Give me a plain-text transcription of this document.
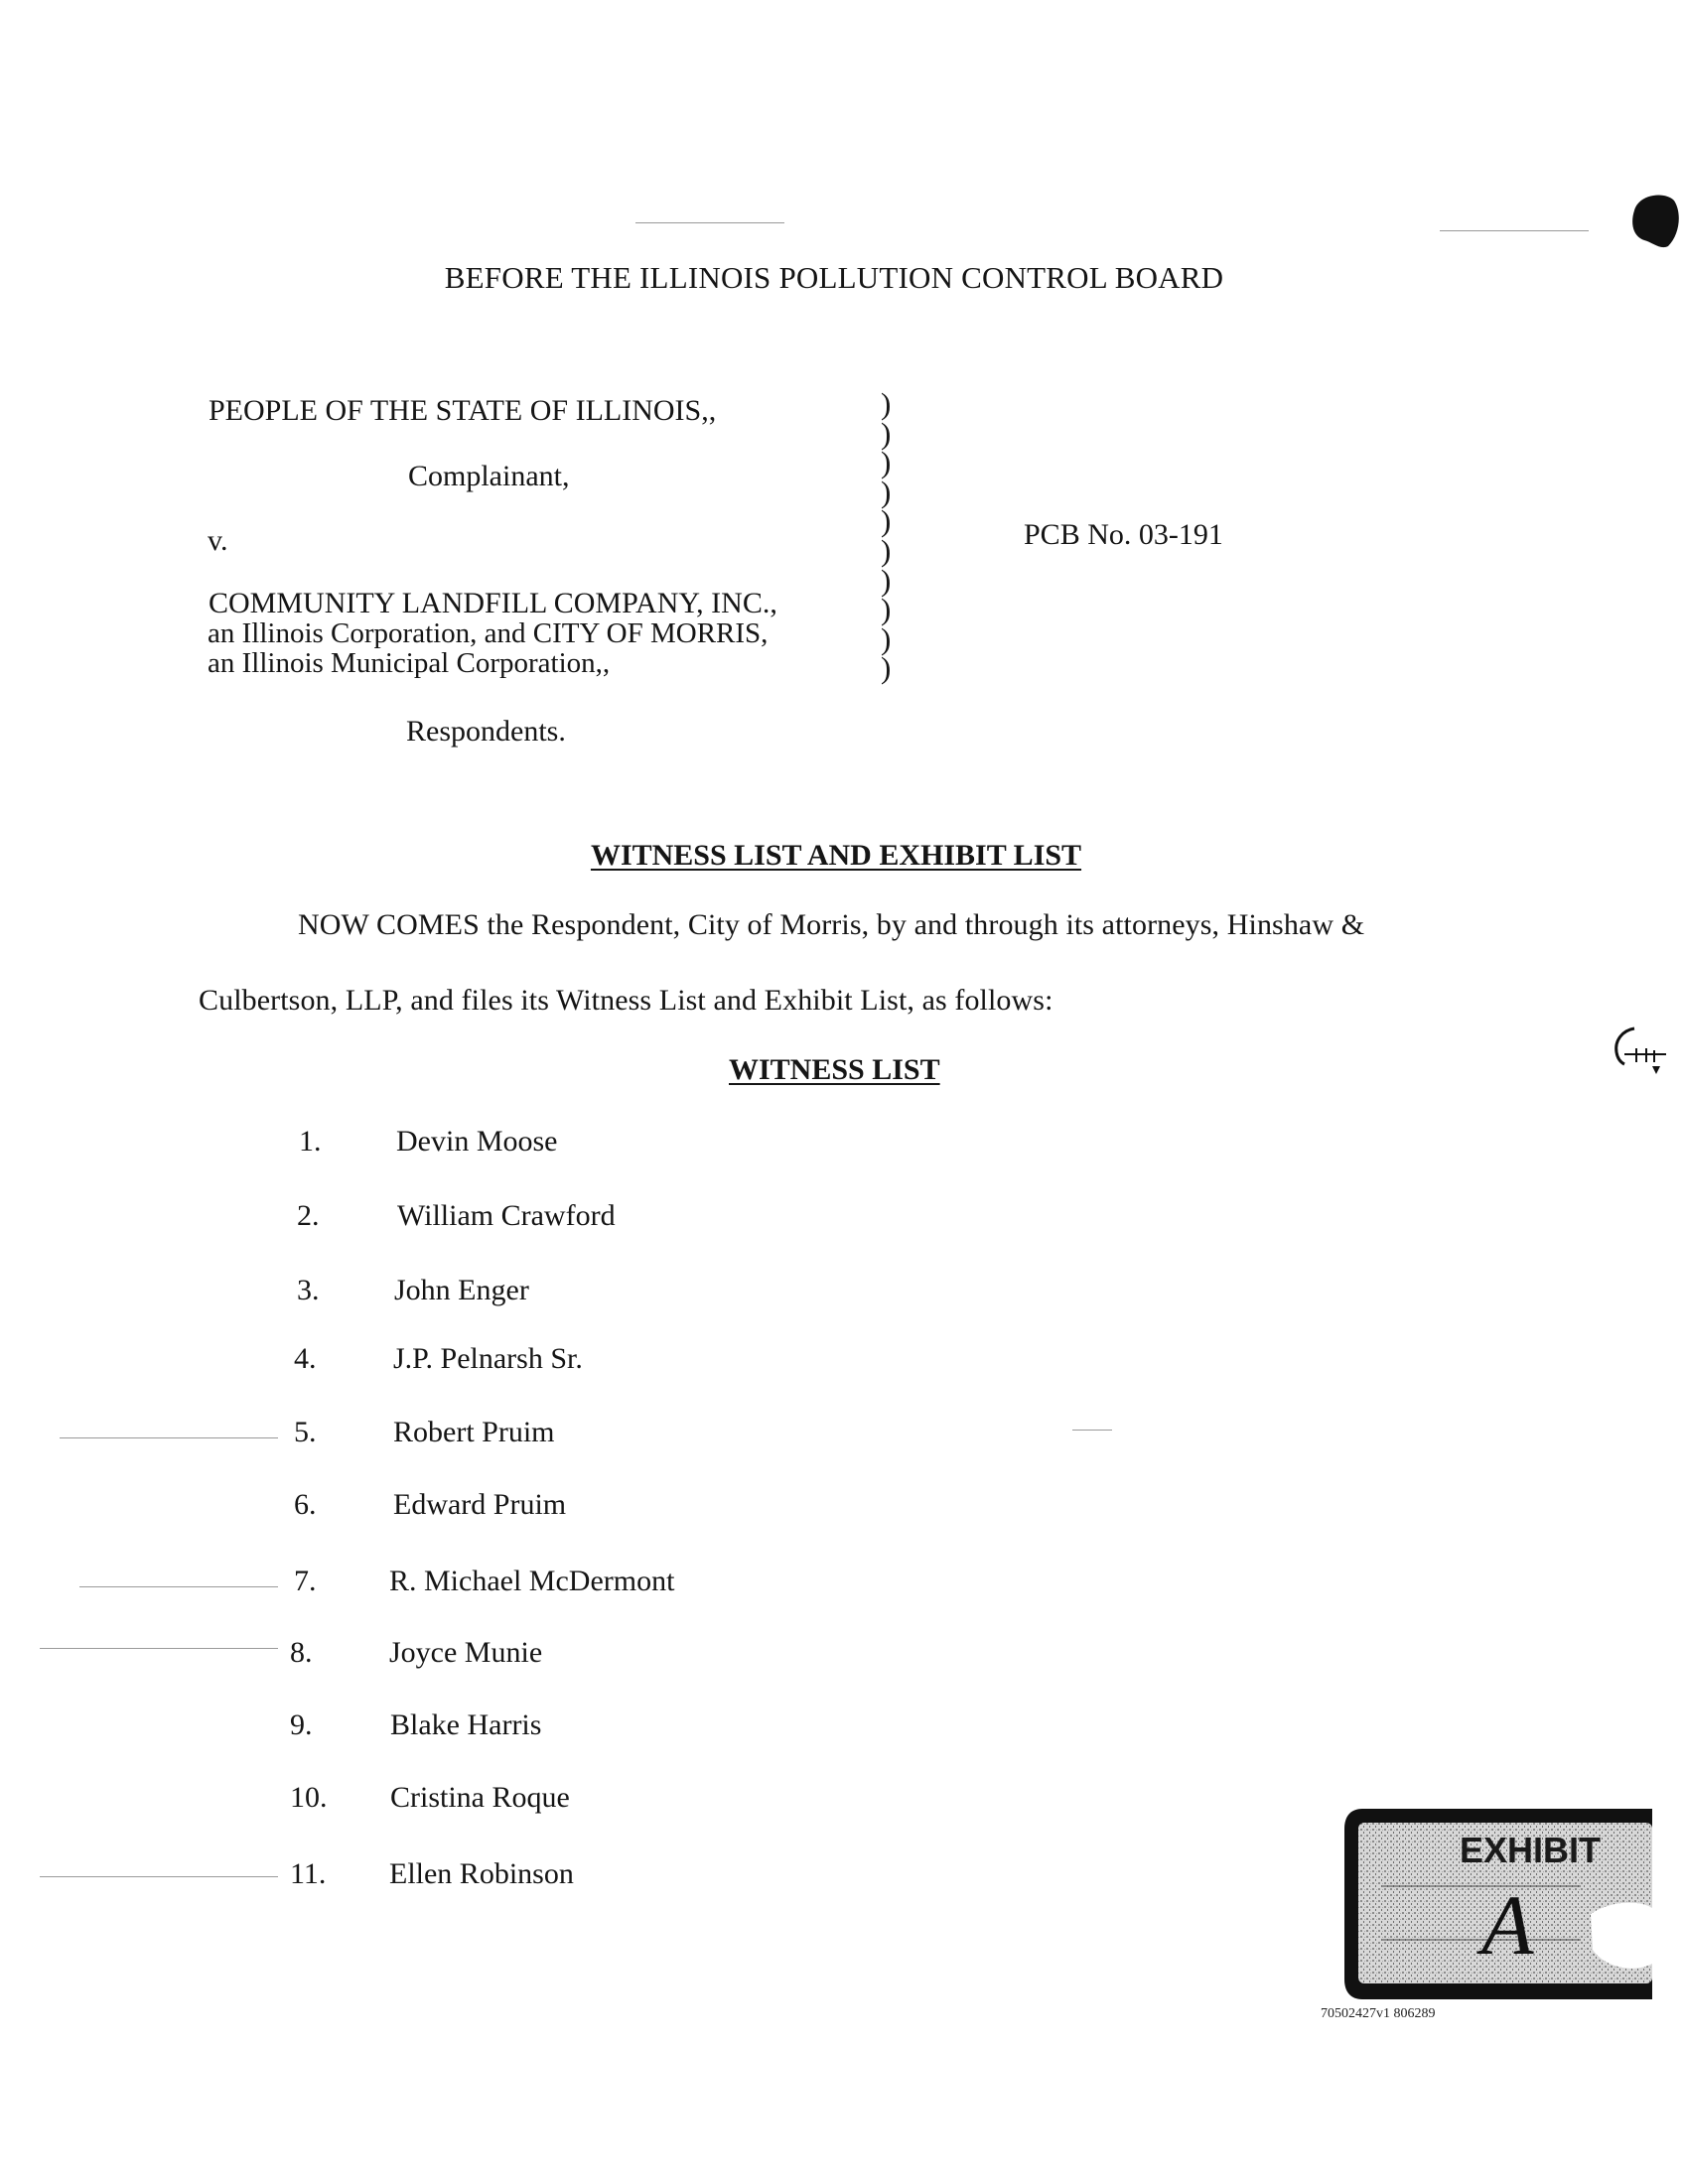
BEFORE THE ILLINOIS POLLUTION CONTROL BOARD
PEOPLE OF THE STATE OF ILLINOIS,,
Complainant,
v.
COMMUNITY LANDFILL COMPANY, INC.,
an Illinois Corporation, and CITY OF MORRIS,
an Illinois Municipal Corporation,,
Respondents.
)
)
)
)
)
)
)
)
)
)
PCB No. 03-191
WITNESS LIST AND EXHIBIT LIST
NOW COMES the Respondent, City of Morris, by and through its attorneys, Hinshaw &
Culbertson, LLP, and files its Witness List and Exhibit List, as follows:
WITNESS LIST
1.	Devin Moose
2.	William Crawford
3.	John Enger
4.	J.P. Pelnarsh Sr.
5.	Robert Pruim
6.	Edward Pruim
7. R. Michael McDermont
8.	Joyce Munie
9.	Blake Harris
10. Cristina Roque
11. Ellen Robinson
EXHIBIT
A
70502427v1 806289
